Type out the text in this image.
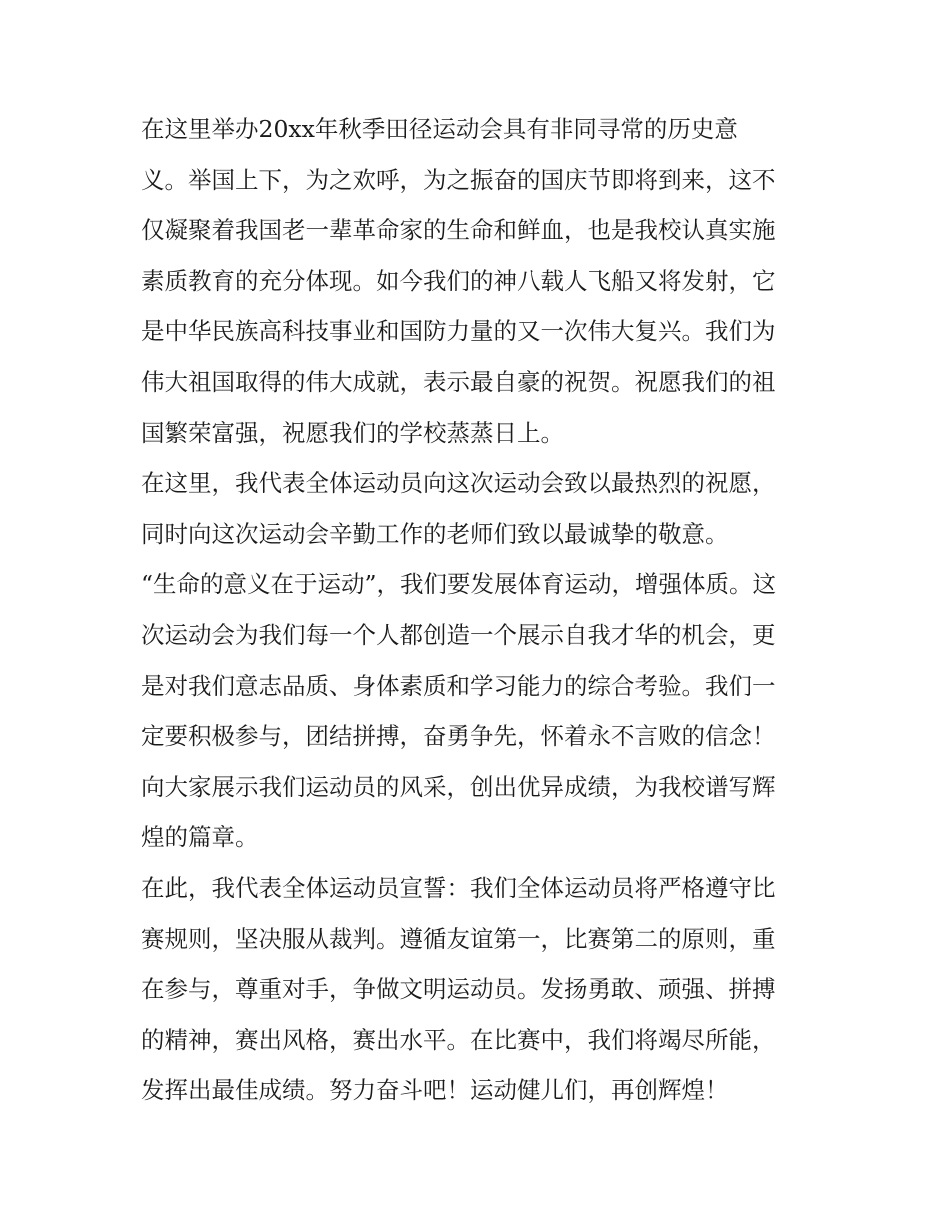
在这里举办20xx年秋季田径运动会具有非同寻常的历史意
义。举国上下，为之欢呼，为之振奋的国庆节即将到来，这不
仅凝聚着我国老一辈革命家的生命和鲜血，也是我校认真实施
素质教育的充分体现。如今我们的神八载人飞船又将发射，它
是中华民族高科技事业和国防力量的又一次伟大复兴。我们为
伟大祖国取得的伟大成就，表示最自豪的祝贺。祝愿我们的祖
国繁荣富强，祝愿我们的学校蒸蒸日上。
在这里，我代表全体运动员向这次运动会致以最热烈的祝愿，
同时向这次运动会辛勤工作的老师们致以最诚挚的敬意。
“生命的意义在于运动”，我们要发展体育运动，增强体质。这
次运动会为我们每一个人都创造一个展示自我才华的机会，更
是对我们意志品质、身体素质和学习能力的综合考验。我们一
定要积极参与，团结拼搏，奋勇争先，怀着永不言败的信念！
向大家展示我们运动员的风采，创出优异成绩，为我校谱写辉
煌的篇章。
在此，我代表全体运动员宣誓：我们全体运动员将严格遵守比
赛规则，坚决服从裁判。遵循友谊第一，比赛第二的原则，重
在参与，尊重对手，争做文明运动员。发扬勇敢、顽强、拼搏
的精神，赛出风格，赛出水平。在比赛中，我们将竭尽所能，
发挥出最佳成绩。努力奋斗吧！运动健儿们，再创辉煌！
